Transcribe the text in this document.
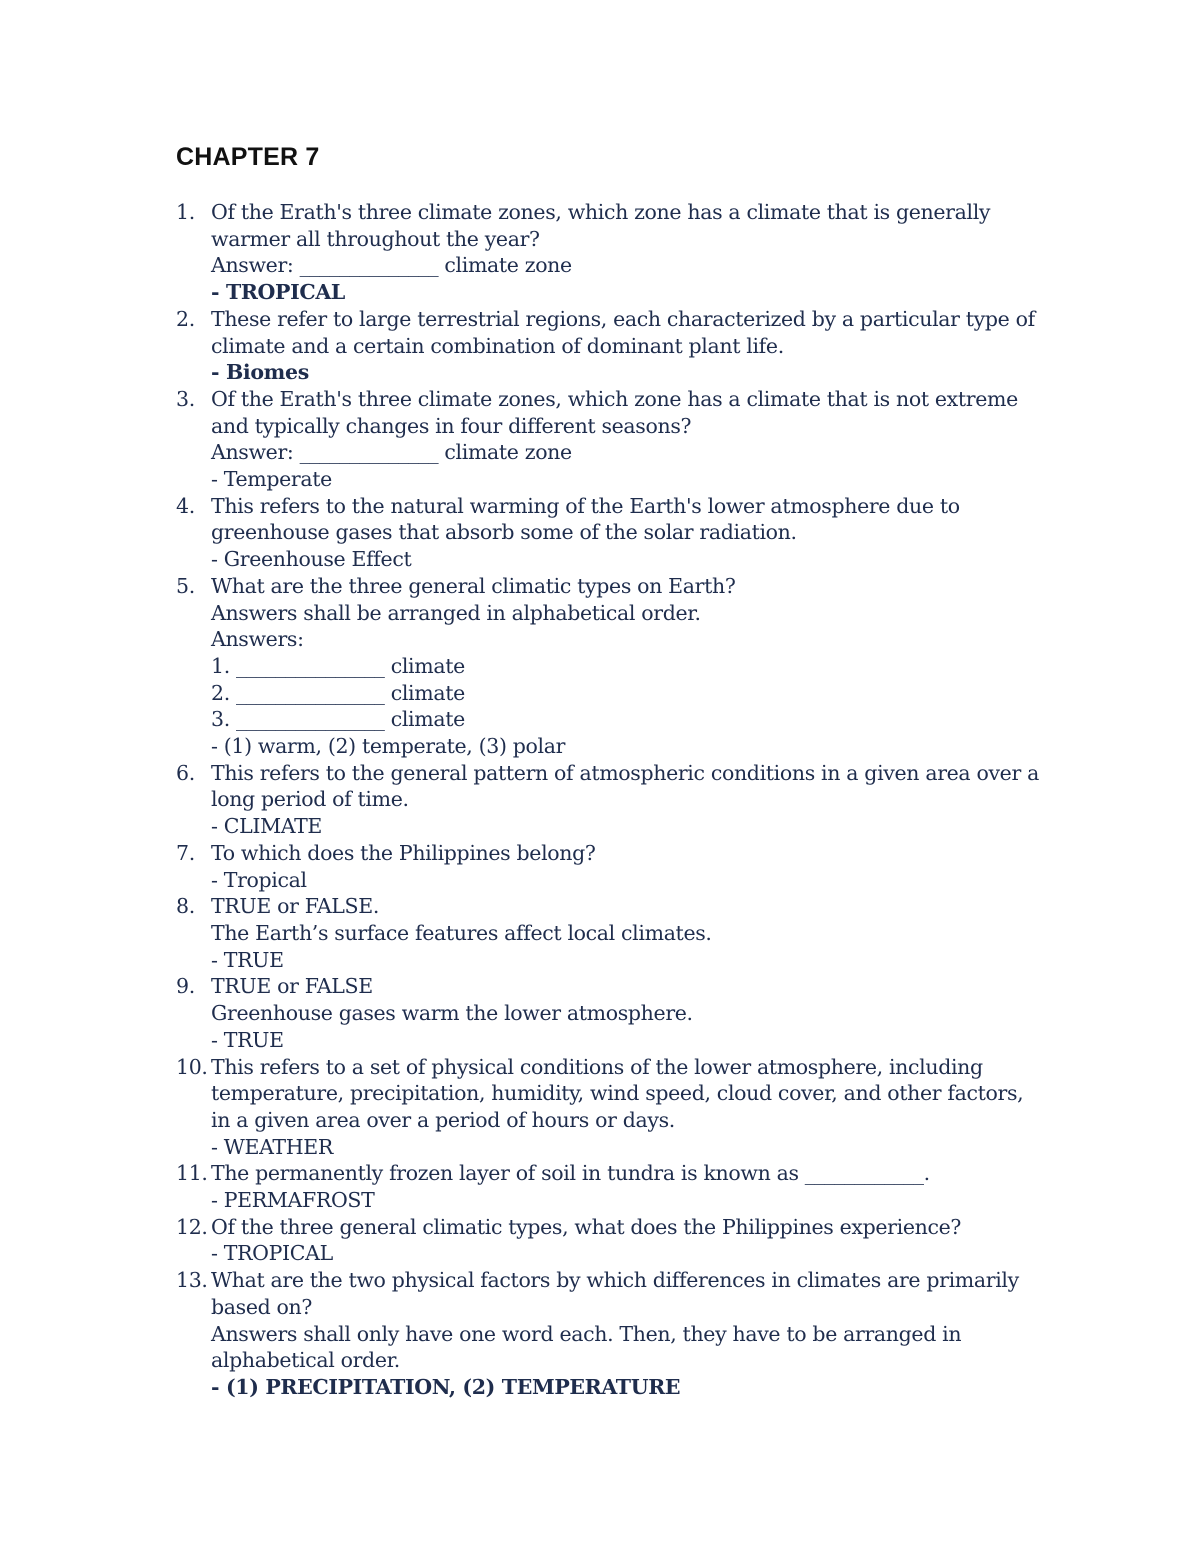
CHAPTER 7
1. Of the Erath's three climate zones, which zone has a climate that is generally
warmer all throughout the year?
Answer: ______________ climate zone
- TROPICAL
2. These refer to large terrestrial regions, each characterized by a particular type of
climate and a certain combination of dominant plant life.
- Biomes
3. Of the Erath's three climate zones, which zone has a climate that is not extreme
and typically changes in four different seasons?
Answer: ______________ climate zone
- Temperate
4. This refers to the natural warming of the Earth's lower atmosphere due to
greenhouse gases that absorb some of the solar radiation.
- Greenhouse Effect
5. What are the three general climatic types on Earth?
Answers shall be arranged in alphabetical order.
Answers:
1. _______________ climate
2. _______________ climate
3. _______________ climate
- (1) warm, (2) temperate, (3) polar
6. This refers to the general pattern of atmospheric conditions in a given area over a
long period of time.
- CLIMATE
7. To which does the Philippines belong?
- Tropical
8. TRUE or FALSE.
The Earth’s surface features affect local climates.
- TRUE
9. TRUE or FALSE
Greenhouse gases warm the lower atmosphere.
- TRUE
10. This refers to a set of physical conditions of the lower atmosphere, including
temperature, precipitation, humidity, wind speed, cloud cover, and other factors,
in a given area over a period of hours or days.
- WEATHER
11. The permanently frozen layer of soil in tundra is known as ____________.
- PERMAFROST
12. Of the three general climatic types, what does the Philippines experience?
- TROPICAL
13. What are the two physical factors by which differences in climates are primarily
based on?
Answers shall only have one word each. Then, they have to be arranged in
alphabetical order.
- (1) PRECIPITATION, (2) TEMPERATURE
